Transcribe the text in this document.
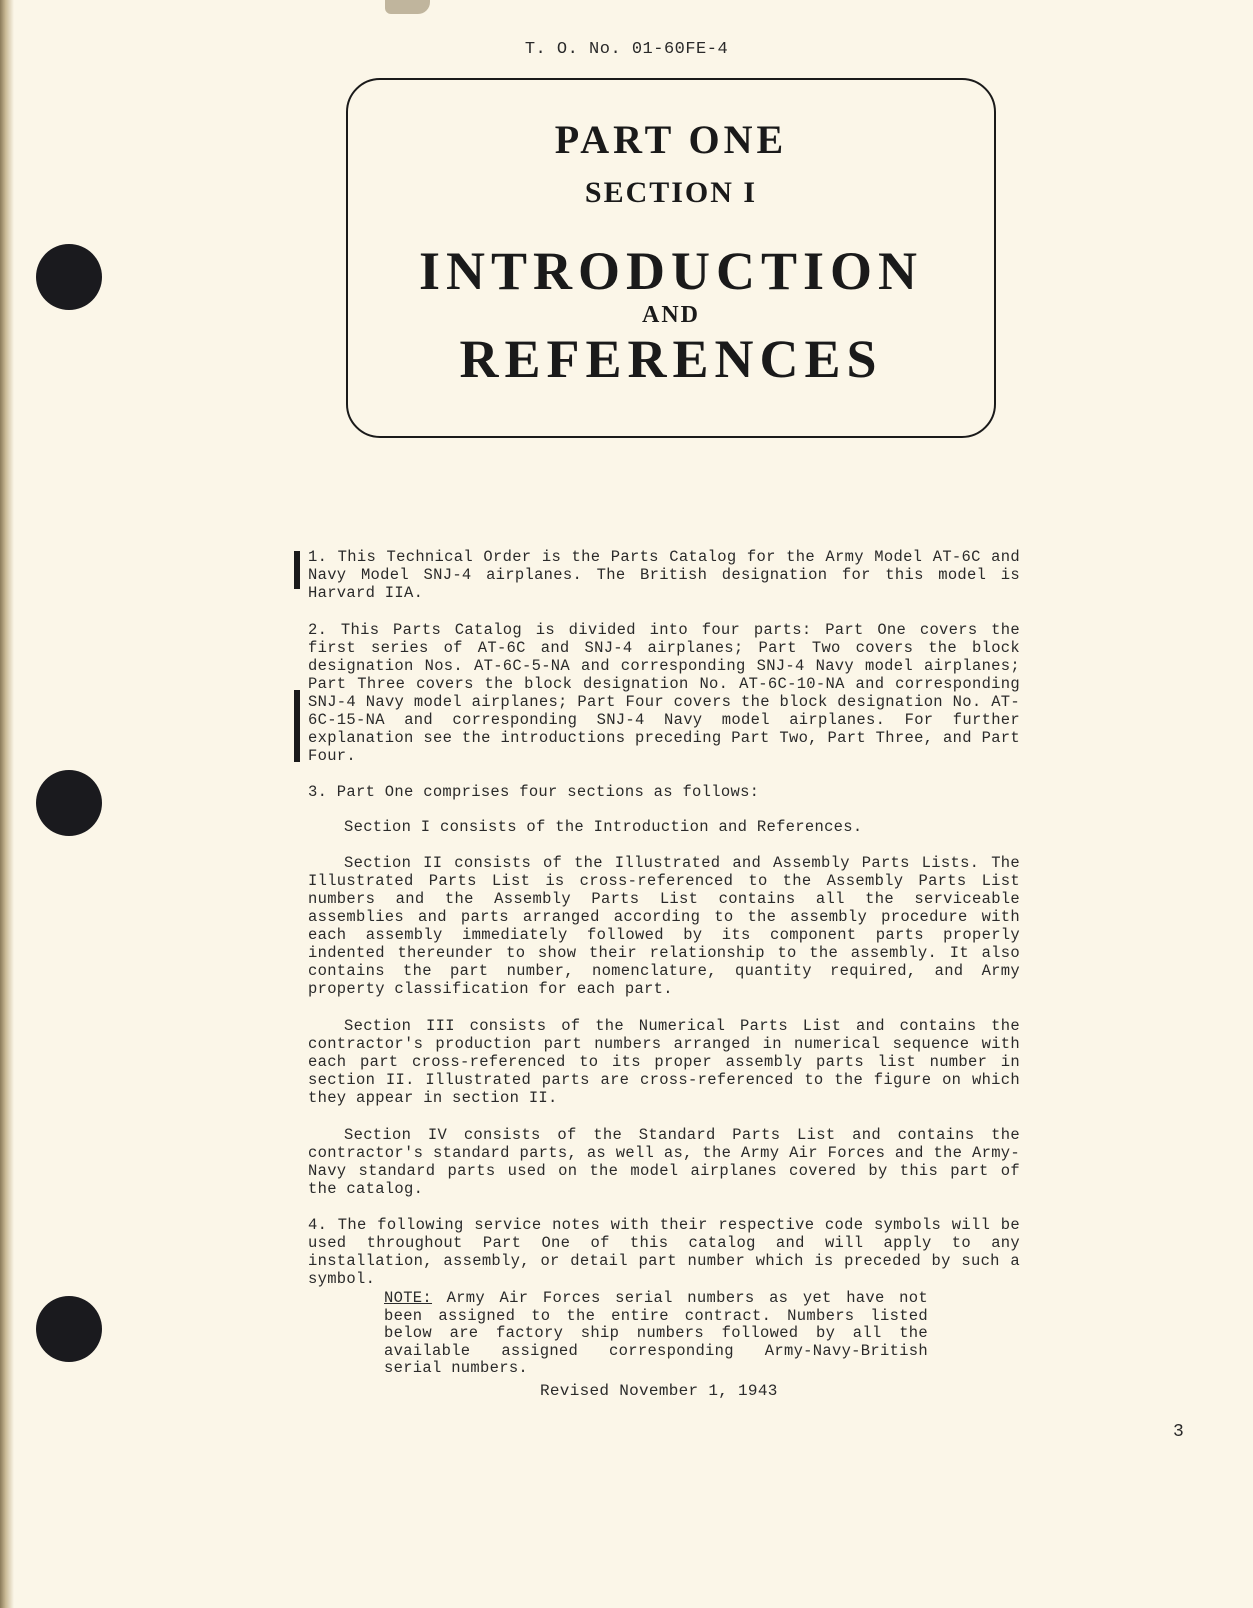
T. O. No. 01-60FE-4
PART ONE
SECTION I
INTRODUCTION
AND
REFERENCES

1. This Technical Order is the Parts Catalog for the Army Model AT-6C and Navy Model SNJ-4 airplanes. The British designation for this model is Harvard IIA.

2. This Parts Catalog is divided into four parts: Part One covers the first series of AT-6C and SNJ-4 airplanes; Part Two covers the block designation Nos. AT-6C-5-NA and corresponding SNJ-4 Navy model airplanes; Part Three covers the block designation No. AT-6C-10-NA and corresponding SNJ-4 Navy model airplanes; Part Four covers the block designation No. AT-6C-15-NA and corresponding SNJ-4 Navy model airplanes. For further explanation see the introductions preceding Part Two, Part Three, and Part Four.

3. Part One comprises four sections as follows:

Section I consists of the Introduction and References.

Section II consists of the Illustrated and Assembly Parts Lists. The Illustrated Parts List is cross-referenced to the Assembly Parts List numbers and the Assembly Parts List contains all the serviceable assemblies and parts arranged according to the assembly procedure with each assembly immediately followed by its component parts properly indented thereunder to show their relationship to the assembly. It also contains the part number, nomenclature, quantity required, and Army property classification for each part.

Section III consists of the Numerical Parts List and contains the contractor's production part numbers arranged in numerical sequence with each part cross-referenced to its proper assembly parts list number in section II. Illustrated parts are cross-referenced to the figure on which they appear in section II.

Section IV consists of the Standard Parts List and contains the contractor's standard parts, as well as, the Army Air Forces and the Army-Navy standard parts used on the model airplanes covered by this part of the catalog.

4. The following service notes with their respective code symbols will be used throughout Part One of this catalog and will apply to any installation, assembly, or detail part number which is preceded by such a symbol.

NOTE: Army Air Forces serial numbers as yet have not been assigned to the entire contract. Numbers listed below are factory ship numbers followed by all the available assigned corresponding Army-Navy-British serial numbers.

Revised November 1, 1943
3
